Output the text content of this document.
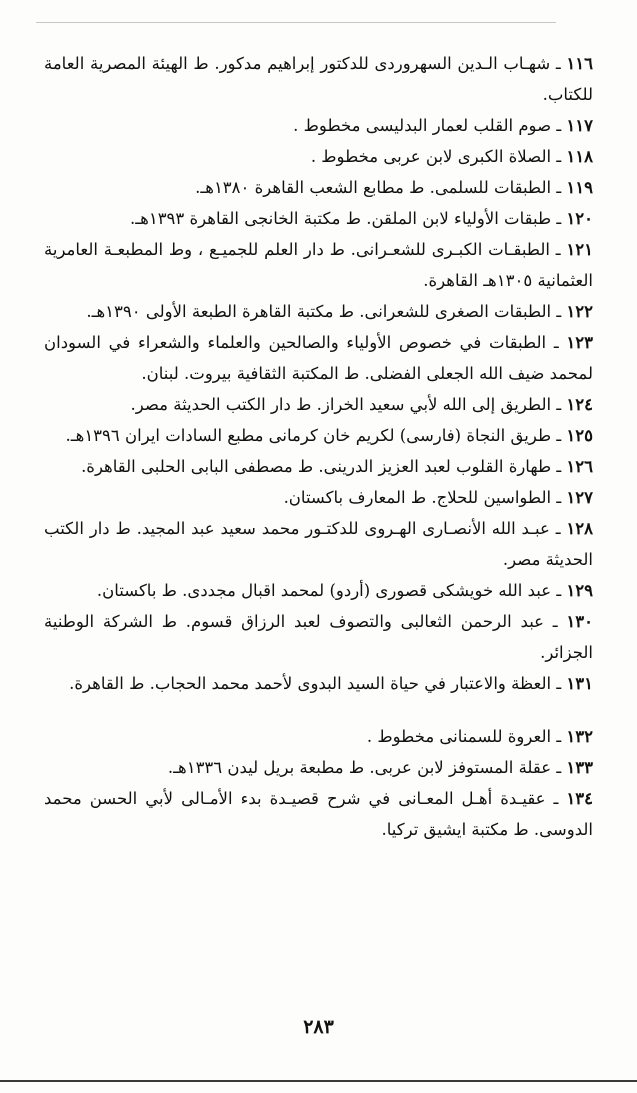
١١٦ ـ شهـاب الـدين السهروردى للدكتور إبراهيم مدكور. ط الهيئة المصرية العامة للكتاب.

١١٧ ـ صوم القلب لعمار البدليسى مخطوط .

١١٨ ـ الصلاة الكبرى لابن عربى مخطوط .

١١٩ ـ الطبقات للسلمى. ط مطابع الشعب القاهرة ١٣٨٠هـ.

١٢٠ ـ طبقات الأولياء لابن الملقن. ط مكتبة الخانجى القاهرة ١٣٩٣هـ.

١٢١ ـ الطبقـات الكبـرى للشعـرانى. ط دار العلم للجميـع ، وط المطبعـة العامرية العثمانية ١٣٠٥هـ القاهرة.

١٢٢ ـ الطبقات الصغرى للشعرانى. ط مكتبة القاهرة الطبعة الأولى ١٣٩٠هـ.

١٢٣ ـ الطبقات في خصوص الأولياء والصالحين والعلماء والشعراء في السودان لمحمد ضيف الله الجعلى الفضلى. ط المكتبة الثقافية بيروت. لبنان.

١٢٤ ـ الطريق إلى الله لأبي سعيد الخراز. ط دار الكتب الحديثة مصر.

١٢٥ ـ طريق النجاة (فارسى) لكريم خان كرمانى مطبع السادات ايران ١٣٩٦هـ.

١٢٦ ـ طهارة القلوب لعبد العزيز الدرينى. ط مصطفى البابى الحلبى القاهرة.

١٢٧ ـ الطواسين للحلاج. ط المعارف باكستان.

١٢٨ ـ عبـد الله الأنصـارى الهـروى للدكتـور محمد سعيد عبد المجيد. ط دار الكتب الحديثة مصر.

١٢٩ ـ عبد الله خويشكى قصورى (أردو) لمحمد اقبال مجددى. ط باكستان.

١٣٠ ـ عبد الرحمن الثعالبى والتصوف لعبد الرزاق قسوم. ط الشركة الوطنية الجزائر.

١٣١ ـ العظة والاعتبار في حياة السيد البدوى لأحمد محمد الحجاب. ط القاهرة.

١٣٢ ـ العروة للسمنانى مخطوط .

١٣٣ ـ عقلة المستوفز لابن عربى. ط مطبعة بريل ليدن ١٣٣٦هـ.

١٣٤ ـ عقيـدة أهـل المعـانى في شرح قصيـدة بدء الأمـالى لأبي الحسن محمد الدوسى. ط مكتبة ايشيق تركيا.

٢٨٣
